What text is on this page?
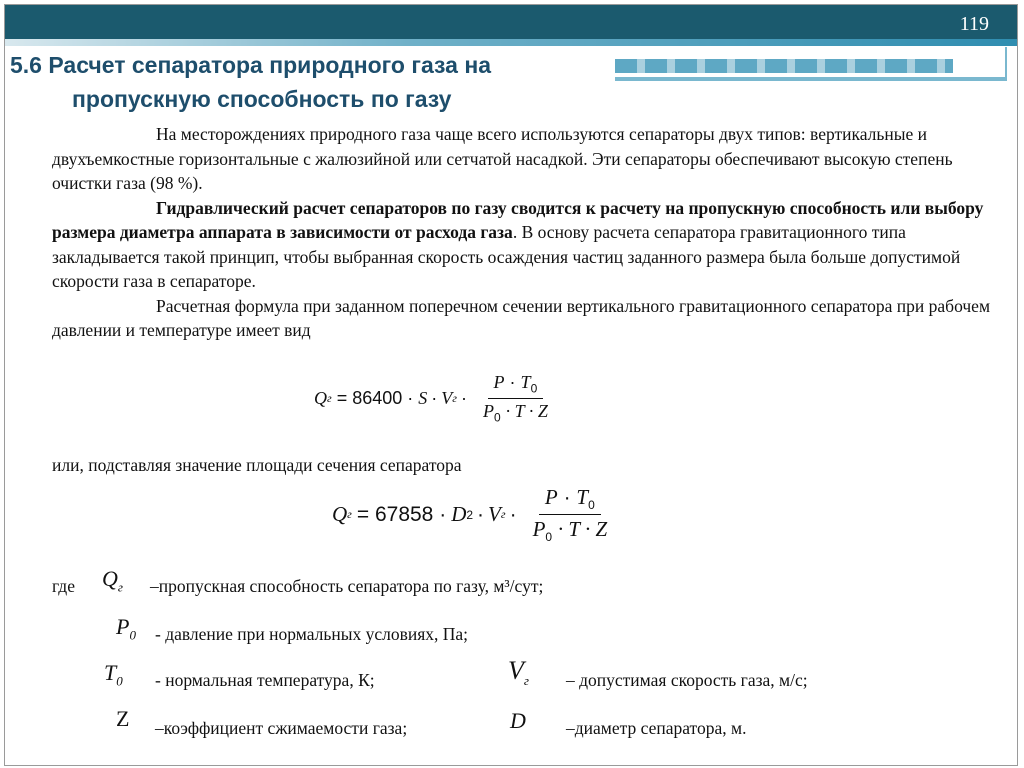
119
5.6 Расчет сепаратора природного газа на
пропускную способность по газу

На месторождениях природного газа чаще всего используются сепараторы двух типов: вертикальные и двухъемкостные горизонтальные с жалюзийной или сетчатой насадкой. Эти сепараторы обеспечивают высокую степень очистки газа (98 %).

Гидравлический расчет сепараторов по газу сводится к расчету на пропускную способность или выбору размера диаметра аппарата в зависимости от расхода газа. В основу расчета сепаратора гравитационного типа закладывается такой принцип, чтобы выбранная скорость осаждения частиц заданного размера была больше допустимой скорости газа в сепараторе.

Расчетная формула при заданном поперечном сечении вертикального гравитационного сепаратора при рабочем давлении и температуре имеет вид

Q г = 86400 · S · V $г \cdot \frac{P \cdot T_0}{P_0 \cdot T \cdot Z}$
или, подставляя значение площади сечения сепаратора
Q г = 67858 · D 2 · V $г \cdot \frac{P \cdot T_0}{P_0 \cdot T \cdot Z}$
где $Q_г$ –пропускная способность сепаратора по газу, м³/сут;
$P_0$ - давление при нормальных условиях, Па;
$T_0$ - нормальная температура, К;	$V_г$ – допустимая скорость газа, м/с;
Z –коэффициент сжимаемости газа;	D –диаметр сепаратора, м.
